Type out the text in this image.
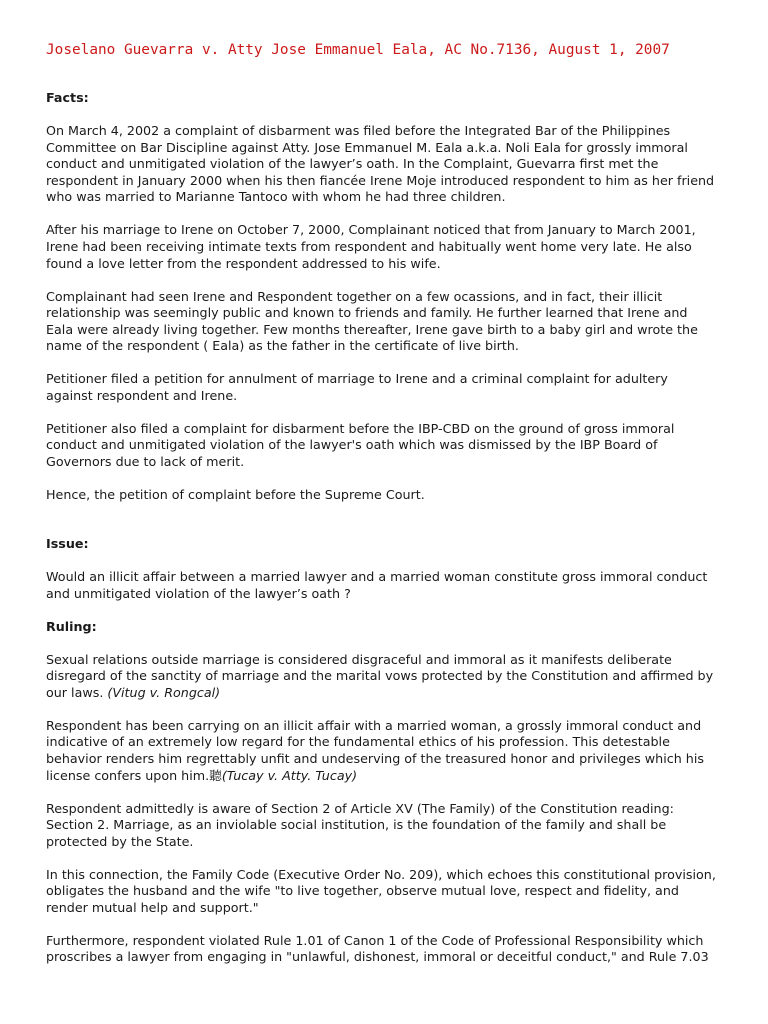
Joselano Guevarra v. Atty Jose Emmanuel Eala, AC No.7136, August 1, 2007
Facts:

On March 4, 2002 a complaint of disbarment was filed before the Integrated Bar of the Philippines Committee on Bar Discipline against Atty. Jose Emmanuel M. Eala a.k.a. Noli Eala for grossly immoral conduct and unmitigated violation of the lawyer’s oath. In the Complaint, Guevarra first met the respondent in January 2000 when his then fiancée Irene Moje introduced respondent to him as her friend who was married to Marianne Tantoco with whom he had three children.

After his marriage to Irene on October 7, 2000, Complainant noticed that from January to March 2001, Irene had been receiving intimate texts from respondent and habitually went home very late. He also found a love letter from the respondent addressed to his wife.

Complainant had seen Irene and Respondent together on a few ocassions, and in fact, their illicit relationship was seemingly public and known to friends and family. He further learned that Irene and Eala were already living together. Few months thereafter, Irene gave birth to a baby girl and wrote the name of the respondent ( Eala) as the father in the certificate of live birth.

Petitioner filed a petition for annulment of marriage to Irene and a criminal complaint for adultery against respondent and Irene.

Petitioner also filed a complaint for disbarment before the IBP-CBD on the ground of gross immoral conduct and unmitigated violation of the lawyer's oath which was dismissed by the IBP Board of Governors due to lack of merit.

Hence, the petition of complaint before the Supreme Court.

Issue:

Would an illicit affair between a married lawyer and a married woman constitute gross immoral conduct and unmitigated violation of the lawyer’s oath ?

Ruling:

Sexual relations outside marriage is considered disgraceful and immoral as it manifests deliberate disregard of the sanctity of marriage and the marital vows protected by the Constitution and affirmed by our laws. (Vitug v. Rongcal)

Respondent has been carrying on an illicit affair with a married woman, a grossly immoral conduct and indicative of an extremely low regard for the fundamental ethics of his profession. This detestable behavior renders him regrettably unfit and undeserving of the treasured honor and privileges which his license confers upon him.聽(Tucay v. Atty. Tucay)

Respondent admittedly is aware of Section 2 of Article XV (The Family) of the Constitution reading:
Section 2. Marriage, as an inviolable social institution, is the foundation of the family and shall be protected by the State.

In this connection, the Family Code (Executive Order No. 209), which echoes this constitutional provision, obligates the husband and the wife "to live together, observe mutual love, respect and fidelity, and render mutual help and support."

Furthermore, respondent violated Rule 1.01 of Canon 1 of the Code of Professional Responsibility which proscribes a lawyer from engaging in "unlawful, dishonest, immoral or deceitful conduct," and Rule 7.03
